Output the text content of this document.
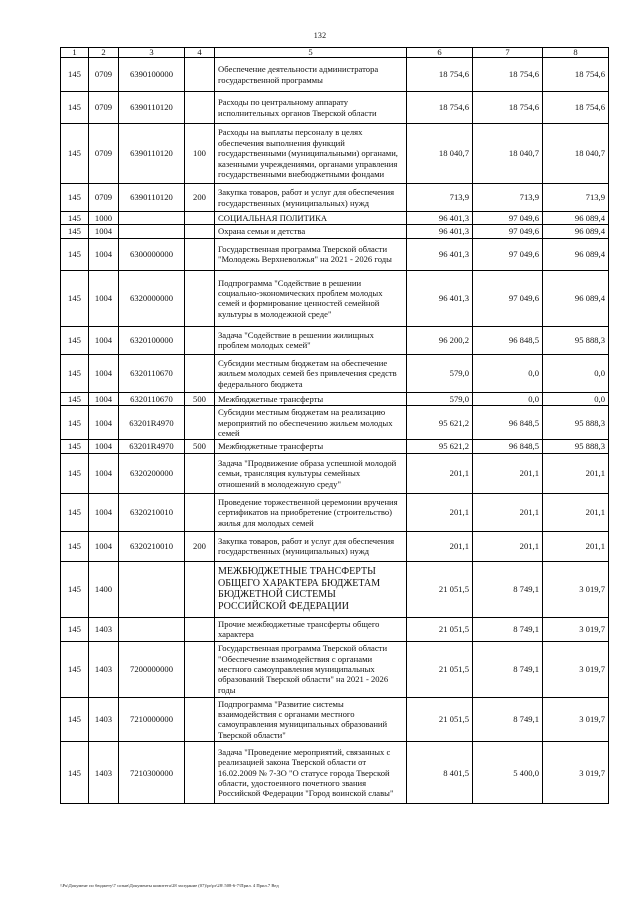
132
1	2	3	4	5	6	7	8
145	0709	6390100000		Обеспечение деятельности администратора государственной программы	18 754,6	18 754,6	18 754,6
145	0709	6390110120		Расходы по центральному аппарату исполнительных органов Тверской области	18 754,6	18 754,6	18 754,6
145	0709	6390110120	100	Расходы на выплаты персоналу в целях обеспечения выполнения функций государственными (муниципальными) органами, казенными учреждениями, органами управления государственными внебюджетными фондами	18 040,7	18 040,7	18 040,7
145	0709	6390110120	200	Закупка товаров, работ и услуг для обеспечения государственных (муниципальных) нужд	713,9	713,9	713,9
145	1000			СОЦИАЛЬНАЯ ПОЛИТИКА	96 401,3	97 049,6	96 089,4
145	1004			Охрана семьи и детства	96 401,3	97 049,6	96 089,4
145	1004	6300000000		Государственная программа Тверской области "Молодежь Верхневолжья" на 2021 - 2026 годы	96 401,3	97 049,6	96 089,4
145	1004	6320000000		Подпрограмма "Содействие в решении социально-экономических проблем молодых семей и формирование ценностей семейной культуры в молодежной среде"	96 401,3	97 049,6	96 089,4
145	1004	6320100000		Задача "Содействие в решении жилищных проблем молодых семей"	96 200,2	96 848,5	95 888,3
145	1004	6320110670		Субсидии местным бюджетам на обеспечение жильем молодых семей без привлечения средств федерального бюджета	579,0	0,0	0,0
145	1004	6320110670	500	Межбюджетные трансферты	579,0	0,0	0,0
145	1004	63201R4970		Субсидии местным бюджетам на реализацию мероприятий по обеспечению жильем молодых семей	95 621,2	96 848,5	95 888,3
145	1004	63201R4970	500	Межбюджетные трансферты	95 621,2	96 848,5	95 888,3
145	1004	6320200000		Задача "Продвижение образа успешной молодой семьи, трансляция культуры семейных отношений в молодежную среду"	201,1	201,1	201,1
145	1004	6320210010		Проведение торжественной церемонии вручения сертификатов на приобретение (строительство) жилья для молодых семей	201,1	201,1	201,1
145	1004	6320210010	200	Закупка товаров, работ и услуг для обеспечения государственных (муниципальных) нужд	201,1	201,1	201,1
145	1400			МЕЖБЮДЖЕТНЫЕ ТРАНСФЕРТЫ ОБЩЕГО ХАРАКТЕРА БЮДЖЕТАМ БЮДЖЕТНОЙ СИСТЕМЫ РОССИЙСКОЙ ФЕДЕРАЦИИ	21 051,5	8 749,1	3 019,7
145	1403			Прочие межбюджетные трансферты общего характера	21 051,5	8 749,1	3 019,7
145	1403	7200000000		Государственная программа Тверской области "Обеспечение взаимодействия с органами местного самоуправления муниципальных образований Тверской области" на 2021 - 2026 годы	21 051,5	8 749,1	3 019,7
145	1403	7210000000		Подпрограмма "Развитие системы взаимодействия с органами местного самоуправления муниципальных образований Тверской области"	21 051,5	8 749,1	3 019,7
145	1403	7210300000		Задача "Проведение мероприятий, связанных с реализацией закона Тверской области от 16.02.2009 № 7-ЗО "О статусе города Тверской области, удостоенного почетного звания Российской Федерации "Город воинской славы"	8 401,5	5 400,0	3 019,7
\\Pu\Документ по бюджету\7 созыв\Документы комитета\28 заседание (07)\pr\pr\28\ 508-6-7\Прил. 4 Прил.7 Вед
